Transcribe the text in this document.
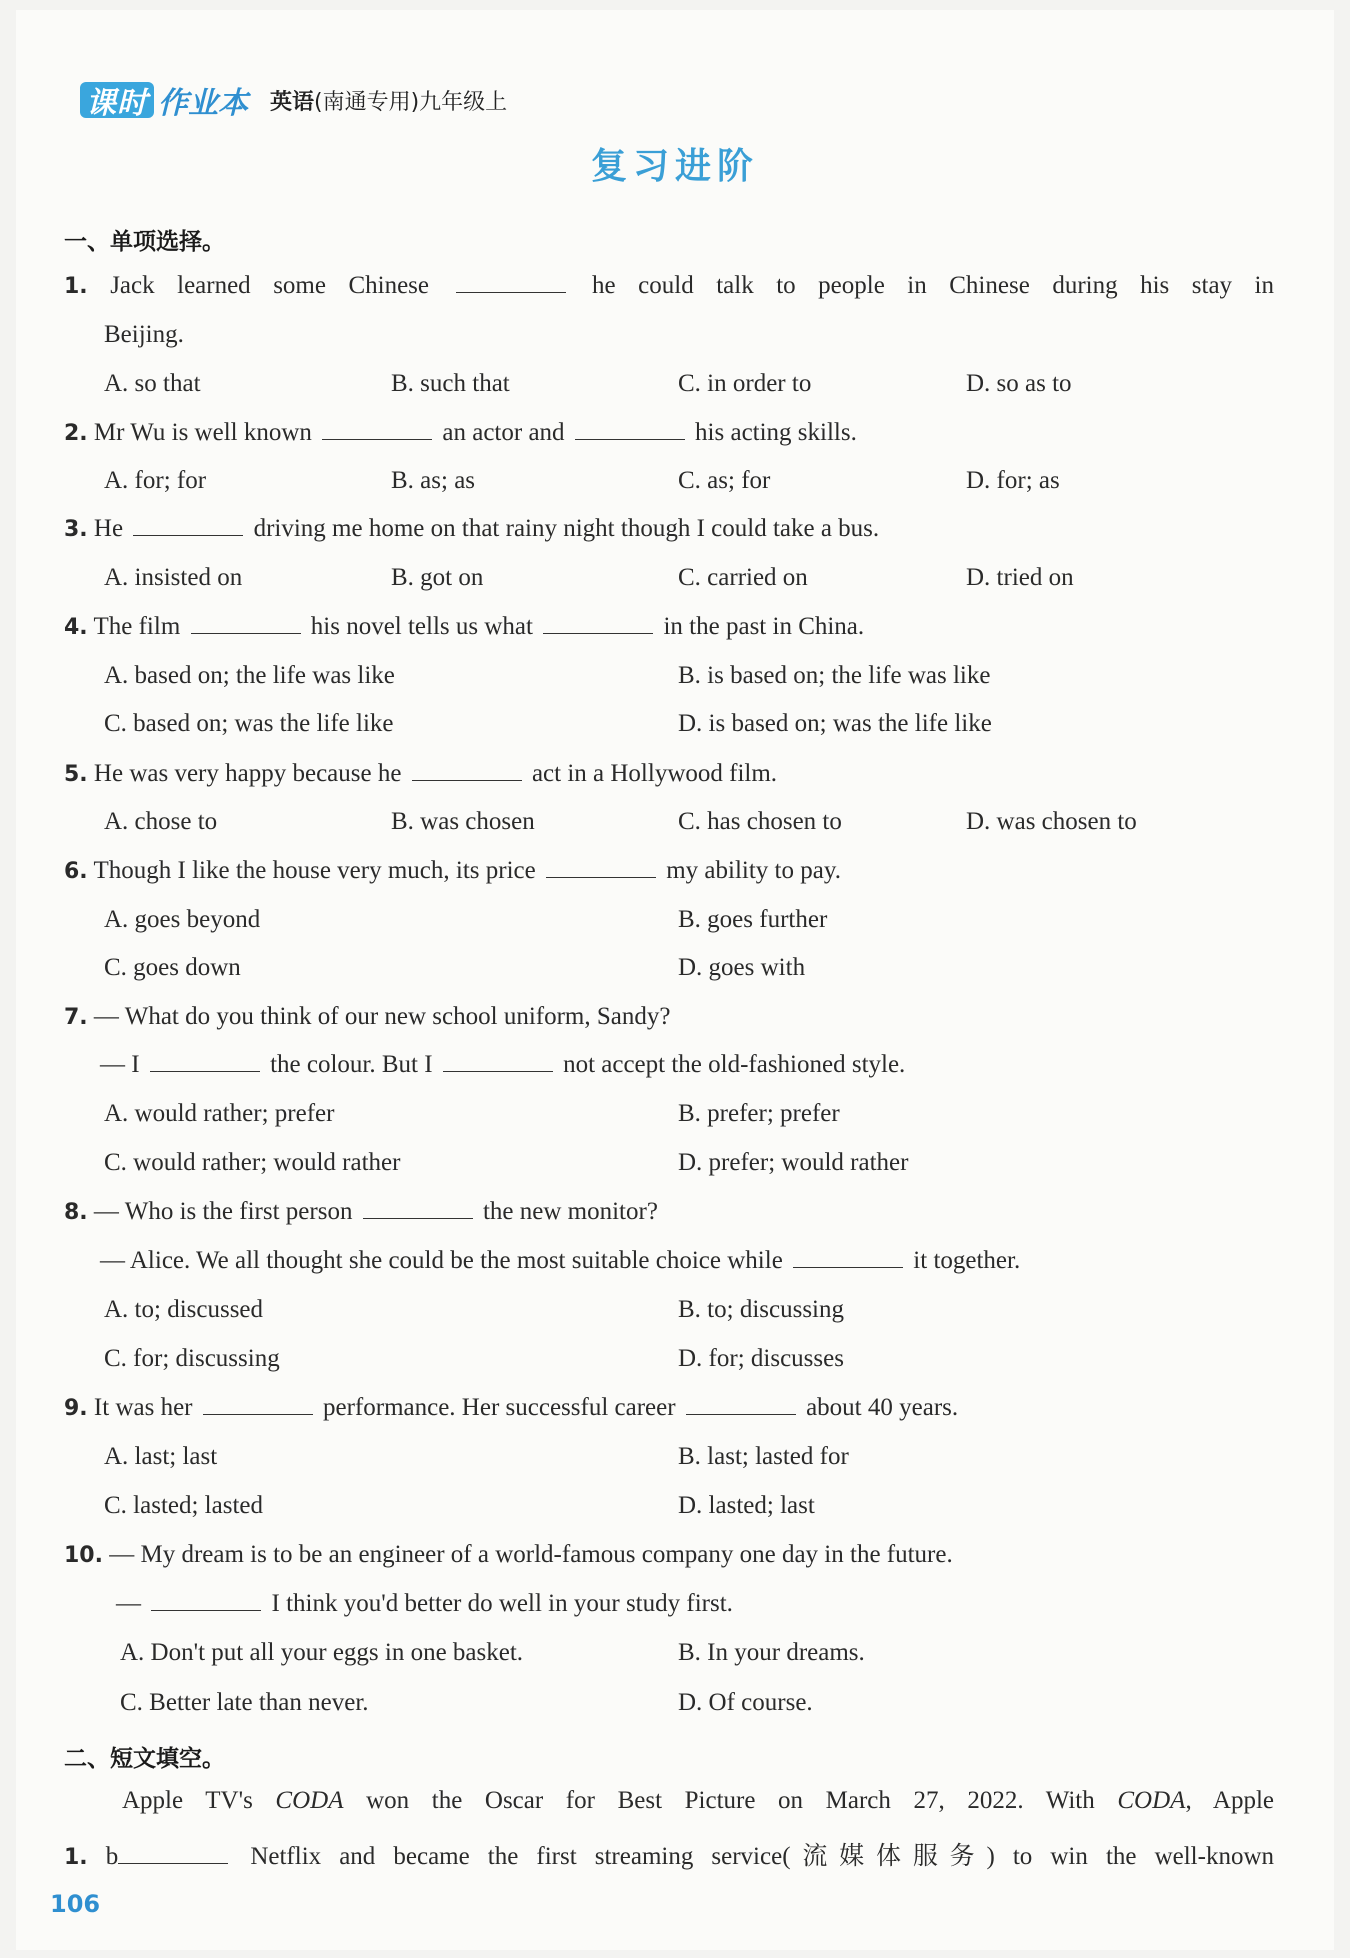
课时 作业本 英语(南通专用)九年级上
复习进阶
一、单项选择。
1. Jack learned some Chinese	he could talk to people in Chinese during his stay in
Beijing.
A. so that	B. such that	C. in order to	D. so as to
2. Mr Wu is well known	an actor and	his acting skills.
A. for; for	B. as; as	C. as; for	D. for; as
3. He	driving me home on that rainy night though I could take a bus.
A. insisted on	B. got on	C. carried on	D. tried on
4. The film	his novel tells us what	in the past in China.
A. based on; the life was like	B. is based on; the life was like
C. based on; was the life like	D. is based on; was the life like
5. He was very happy because he	act in a Hollywood film.
A. chose to	B. was chosen	C. has chosen to	D. was chosen to
6. Though I like the house very much, its price	my ability to pay.
A. goes beyond	B. goes further
C. goes down	D. goes with
7. — What do you think of our new school uniform, Sandy?
— I	the colour. But I	not accept the old-fashioned style.
A. would rather; prefer	B. prefer; prefer
C. would rather; would rather	D. prefer; would rather
8. — Who is the first person	the new monitor?
— Alice. We all thought she could be the most suitable choice while	it together.
A. to; discussed	B. to; discussing
C. for; discussing	D. for; discusses
9. It was her	performance. Her successful career	about 40 years.
A. last; last	B. last; lasted for
C. lasted; lasted	D. lasted; last
10. — My dream is to be an engineer of a world-famous company one day in the future.
—	I think you'd better do well in your study first.
A. Don't put all your eggs in one basket.	B. In your dreams.
C. Better late than never.	D. Of course.
二、短文填空。
Apple TV's CODA won the Oscar for Best Picture on March 27, 2022. With CODA, Apple
1. b	Netflix and became the first streaming service(流媒体服务) to win the well-known
106
